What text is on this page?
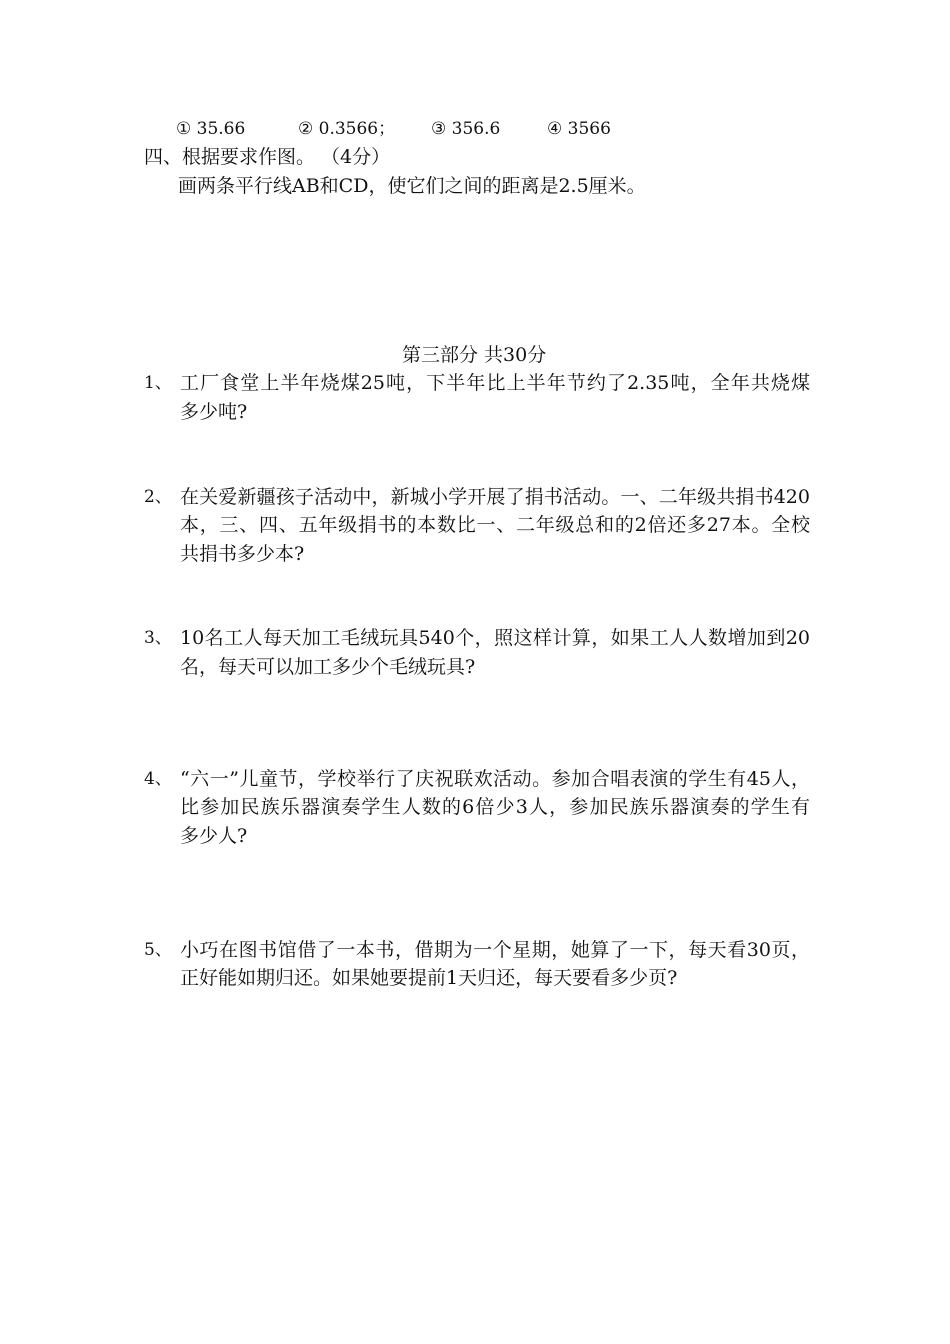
① 35.66	② 0.3566； ③ 356.6	④ 3566
四、根据要求作图。 （4分）
画两条平行线AB和CD，使它们之间的距离是2.5厘米。
第三部分 共30分
1、 工厂食堂上半年烧煤25吨，下半年比上半年节约了2.35吨，全年共烧煤
多少吨?
2、 在关爱新疆孩子活动中，新城小学开展了捐书活动。一、二年级共捐书420
本，三、四、五年级捐书的本数比一、二年级总和的2倍还多27本。全校
共捐书多少本?
3、 10名工人每天加工毛绒玩具540个，照这样计算，如果工人人数增加到20
名，每天可以加工多少个毛绒玩具?
4、 “六一”儿童节，学校举行了庆祝联欢活动。参加合唱表演的学生有45人，
比参加民族乐器演奏学生人数的6倍少3人，参加民族乐器演奏的学生有
多少人?
5、 小巧在图书馆借了一本书，借期为一个星期，她算了一下，每天看30页，
正好能如期归还。如果她要提前1天归还，每天要看多少页?
